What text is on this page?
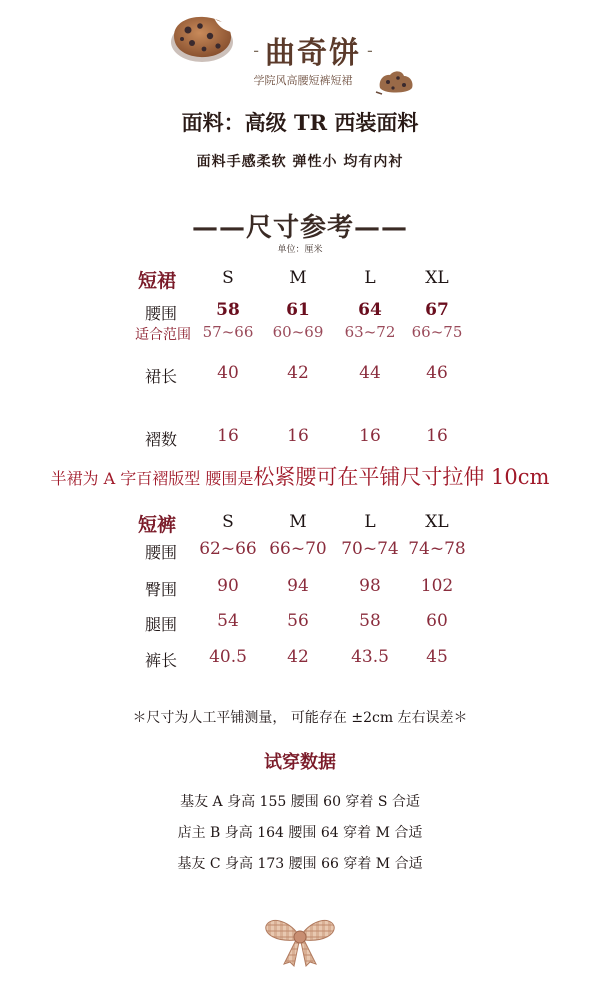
- 曲奇饼 -
学院风高腰短裤短裙
面料：高级 TR 西装面料
面料手感柔软 弹性小 均有内衬
——尺寸参考——
单位：厘米
短裙	S	M	L	XL
腰围	58	61	64	67
适合范围 57~66	60~69	63~72	66~75
裙长	40	42	44	46
褶数	16	16	16	16
半裙为 A 字百褶版型 腰围是松紧腰可在平铺尺寸拉伸 10cm
短裤	S	M	L	XL
腰围 62~66 66~70 70~74 74~78
臀围	90	94	98	102
腿围	54	56	58	60
裤长	40.5	42	43.5	45
＊尺寸为人工平铺测量， 可能存在 ±2cm 左右误差＊
试穿数据
基友 A 身高 155 腰围 60 穿着 S 合适
店主 B 身高 164 腰围 64 穿着 M 合适
基友 C 身高 173 腰围 66 穿着 M 合适
